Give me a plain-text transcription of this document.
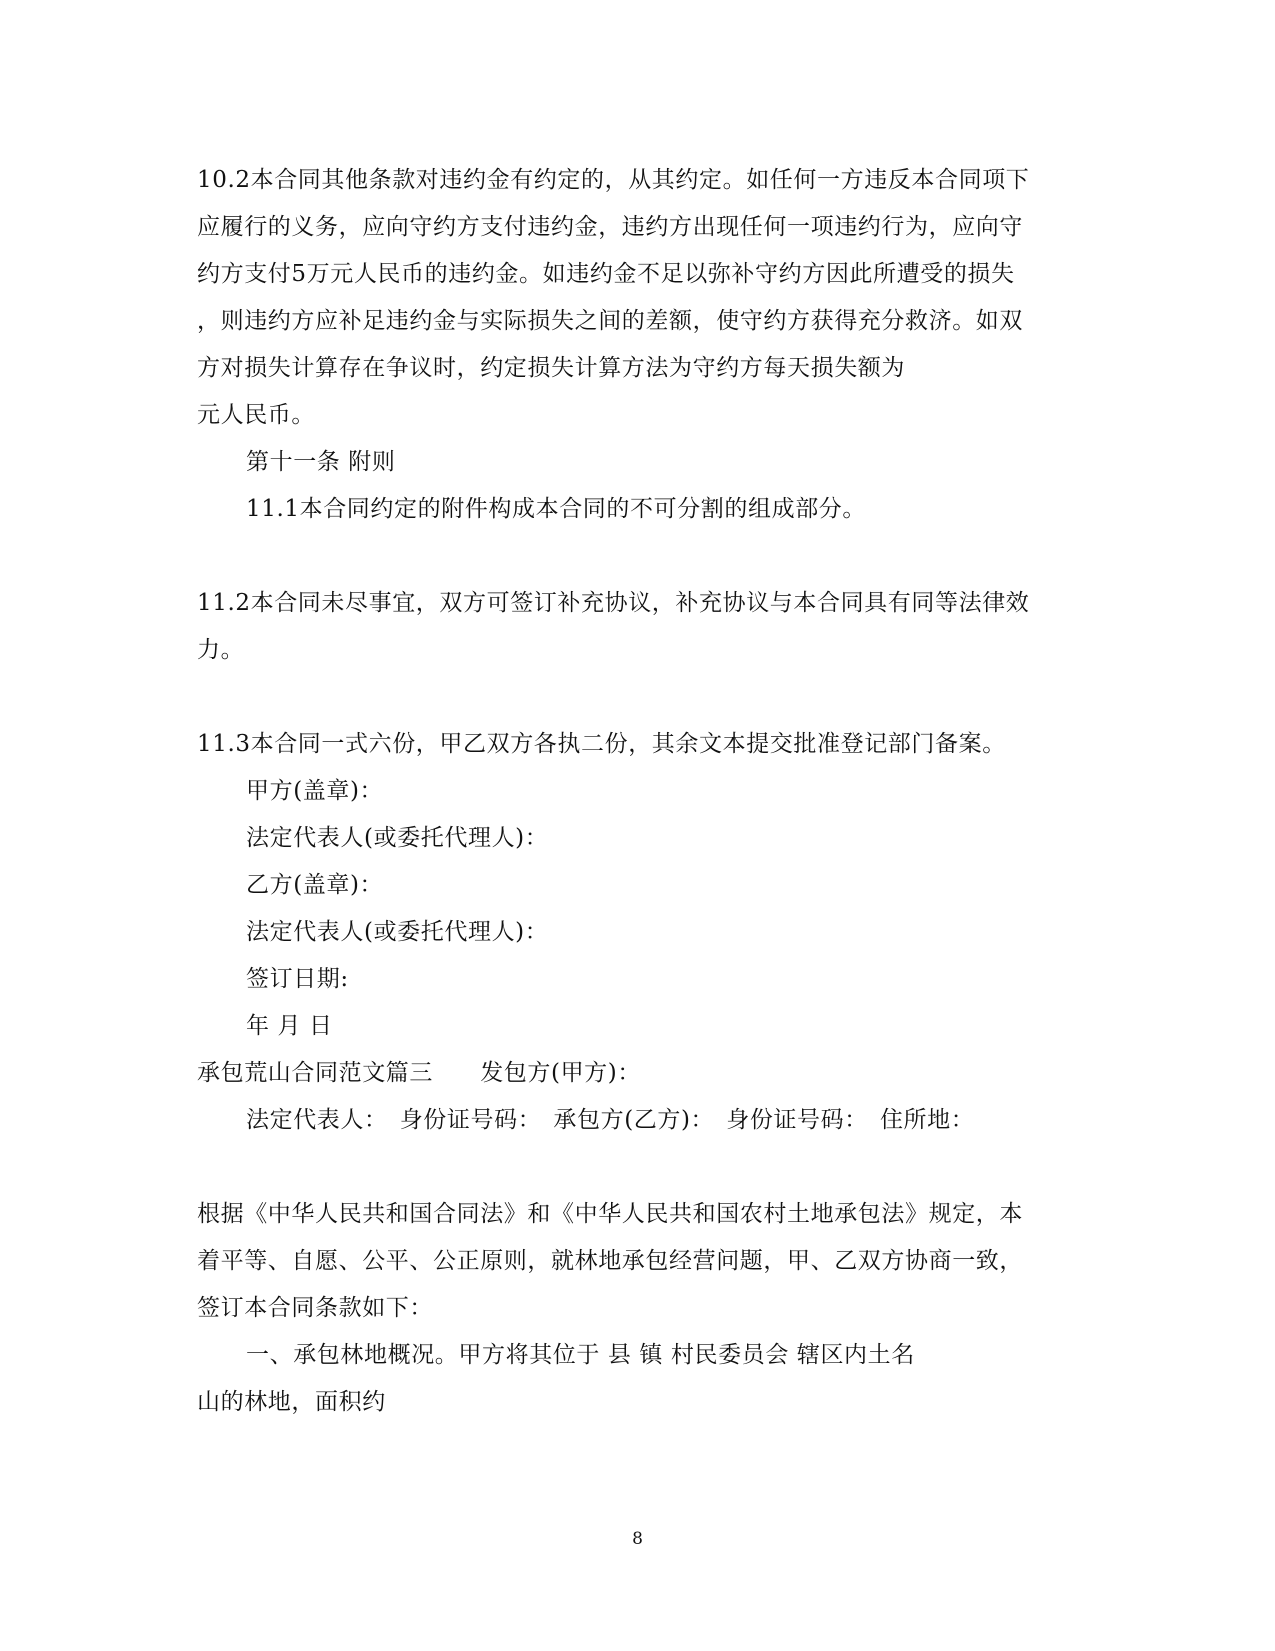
10.2本合同其他条款对违约金有约定的，从其约定。如任何一方违反本合同项下
应履行的义务，应向守约方支付违约金，违约方出现任何一项违约行为，应向守
约方支付5万元人民币的违约金。如违约金不足以弥补守约方因此所遭受的损失
，则违约方应补足违约金与实际损失之间的差额，使守约方获得充分救济。如双
方对损失计算存在争议时，约定损失计算方法为守约方每天损失额为
元人民币。
第十一条 附则
11.1本合同约定的附件构成本合同的不可分割的组成部分。
11.2本合同未尽事宜，双方可签订补充协议，补充协议与本合同具有同等法律效
力。
11.3本合同一式六份，甲乙双方各执二份，其余文本提交批准登记部门备案。
甲方(盖章)：
法定代表人(或委托代理人)：
乙方(盖章)：
法定代表人(或委托代理人)：
签订日期:
年 月 日
承包荒山合同范文篇三　　发包方(甲方)：
法定代表人：　身份证号码：　承包方(乙方)：　身份证号码：　住所地：
根据《中华人民共和国合同法》和《中华人民共和国农村土地承包法》规定，本
着平等、自愿、公平、公正原则，就林地承包经营问题，甲、乙双方协商一致，
签订本合同条款如下：
一、承包林地概况。甲方将其位于 县 镇 村民委员会 辖区内土名
山的林地，面积约
8
